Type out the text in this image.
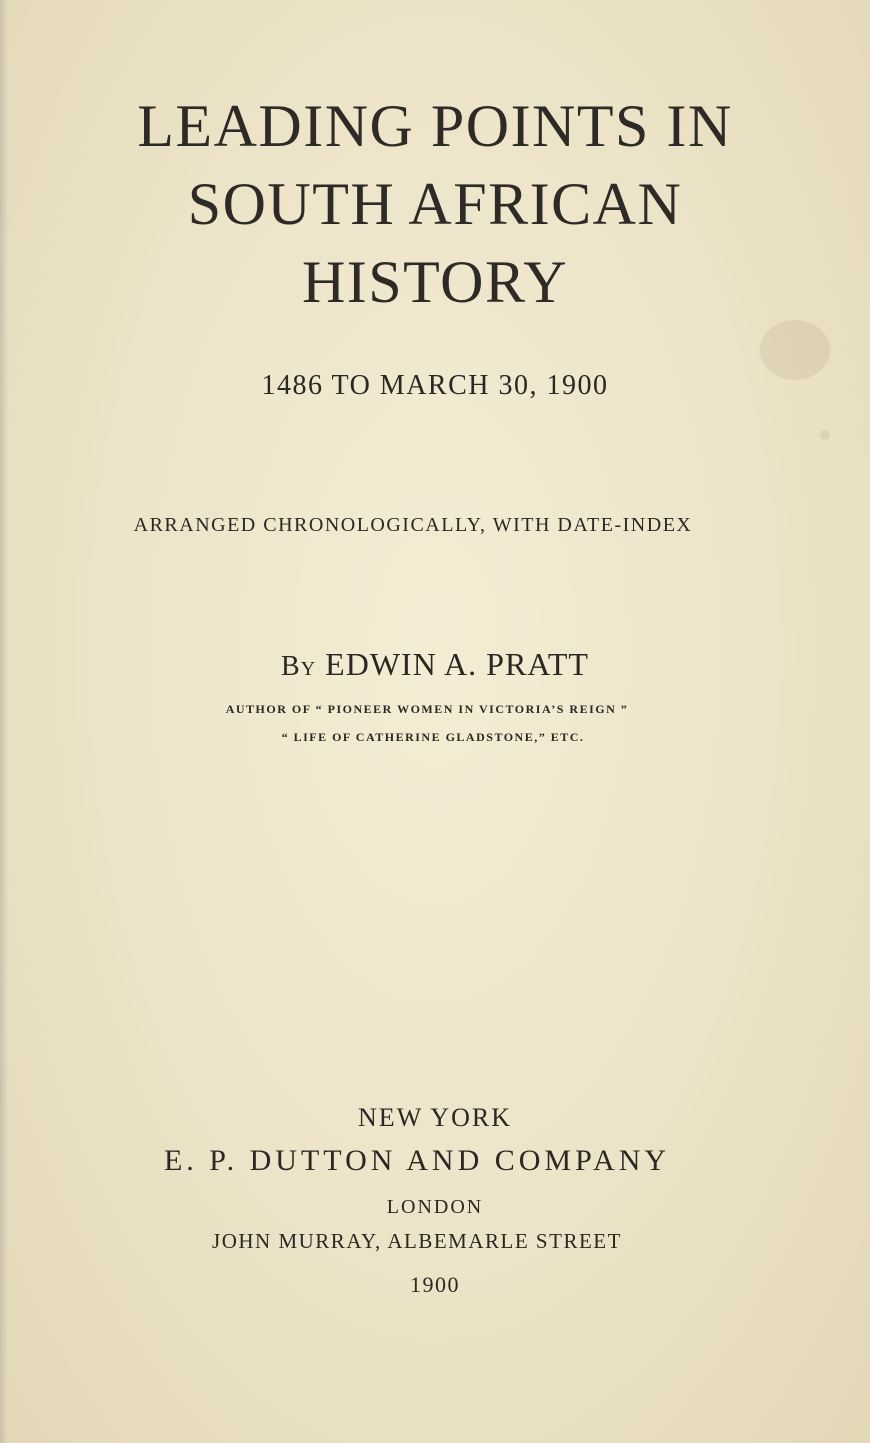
LEADING POINTS IN
SOUTH AFRICAN
HISTORY
1486 TO MARCH 30, 1900
ARRANGED CHRONOLOGICALLY, WITH DATE-INDEX
By EDWIN A. PRATT
AUTHOR OF “ PIONEER WOMEN IN VICTORIA’S REIGN ”
“ LIFE OF CATHERINE GLADSTONE,” ETC.
NEW YORK
E. P. DUTTON AND COMPANY
LONDON
JOHN MURRAY, ALBEMARLE STREET
1900
